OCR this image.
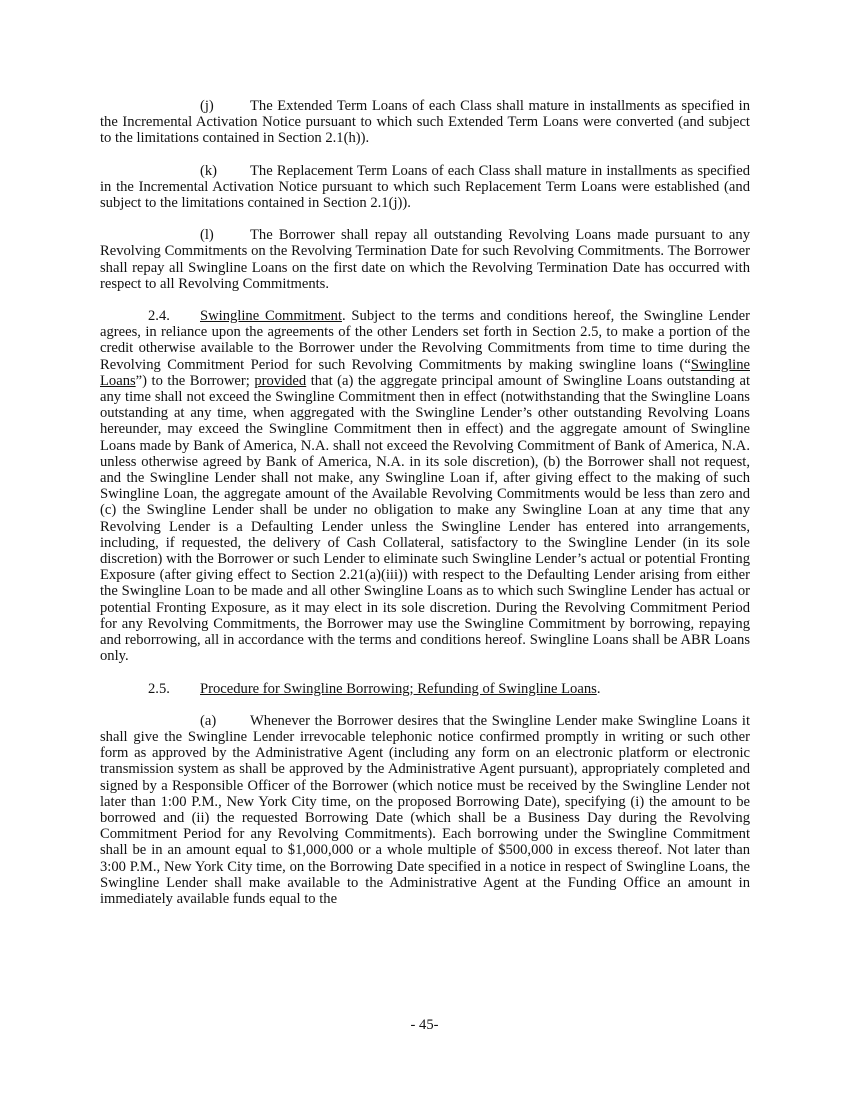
(j) The Extended Term Loans of each Class shall mature in installments as specified in the Incremental Activation Notice pursuant to which such Extended Term Loans were converted (and subject to the limitations contained in Section 2.1(h)).

(k) The Replacement Term Loans of each Class shall mature in installments as specified in the Incremental Activation Notice pursuant to which such Replacement Term Loans were established (and subject to the limitations contained in Section 2.1(j)).

(l) The Borrower shall repay all outstanding Revolving Loans made pursuant to any Revolving Commitments on the Revolving Termination Date for such Revolving Commitments. The Borrower shall repay all Swingline Loans on the first date on which the Revolving Termination Date has occurred with respect to all Revolving Commitments.

2.4. Swingline Commitment. Subject to the terms and conditions hereof, the Swingline Lender agrees, in reliance upon the agreements of the other Lenders set forth in Section 2.5, to make a portion of the credit otherwise available to the Borrower under the Revolving Commitments from time to time during the Revolving Commitment Period for such Revolving Commitments by making swingline loans (“Swingline Loans”) to the Borrower; provided that (a) the aggregate principal amount of Swingline Loans outstanding at any time shall not exceed the Swingline Commitment then in effect (notwithstanding that the Swingline Loans outstanding at any time, when aggregated with the Swingline Lender’s other outstanding Revolving Loans hereunder, may exceed the Swingline Commitment then in effect) and the aggregate amount of Swingline Loans made by Bank of America, N.A. shall not exceed the Revolving Commitment of Bank of America, N.A. unless otherwise agreed by Bank of America, N.A. in its sole discretion), (b) the Borrower shall not request, and the Swingline Lender shall not make, any Swingline Loan if, after giving effect to the making of such Swingline Loan, the aggregate amount of the Available Revolving Commitments would be less than zero and (c) the Swingline Lender shall be under no obligation to make any Swingline Loan at any time that any Revolving Lender is a Defaulting Lender unless the Swingline Lender has entered into arrangements, including, if requested, the delivery of Cash Collateral, satisfactory to the Swingline Lender (in its sole discretion) with the Borrower or such Lender to eliminate such Swingline Lender’s actual or potential Fronting Exposure (after giving effect to Section 2.21(a)(iii)) with respect to the Defaulting Lender arising from either the Swingline Loan to be made and all other Swingline Loans as to which such Swingline Lender has actual or potential Fronting Exposure, as it may elect in its sole discretion. During the Revolving Commitment Period for any Revolving Commitments, the Borrower may use the Swingline Commitment by borrowing, repaying and reborrowing, all in accordance with the terms and conditions hereof. Swingline Loans shall be ABR Loans only.

2.5. Procedure for Swingline Borrowing; Refunding of Swingline Loans.

(a) Whenever the Borrower desires that the Swingline Lender make Swingline Loans it shall give the Swingline Lender irrevocable telephonic notice confirmed promptly in writing or such other form as approved by the Administrative Agent (including any form on an electronic platform or electronic transmission system as shall be approved by the Administrative Agent pursuant), appropriately completed and signed by a Responsible Officer of the Borrower (which notice must be received by the Swingline Lender not later than 1:00 P.M., New York City time, on the proposed Borrowing Date), specifying (i) the amount to be borrowed and (ii) the requested Borrowing Date (which shall be a Business Day during the Revolving Commitment Period for any Revolving Commitments). Each borrowing under the Swingline Commitment shall be in an amount equal to $1,000,000 or a whole multiple of $500,000 in excess thereof. Not later than 3:00 P.M., New York City time, on the Borrowing Date specified in a notice in respect of Swingline Loans, the Swingline Lender shall make available to the Administrative Agent at the Funding Office an amount in immediately available funds equal to the

- 45-
